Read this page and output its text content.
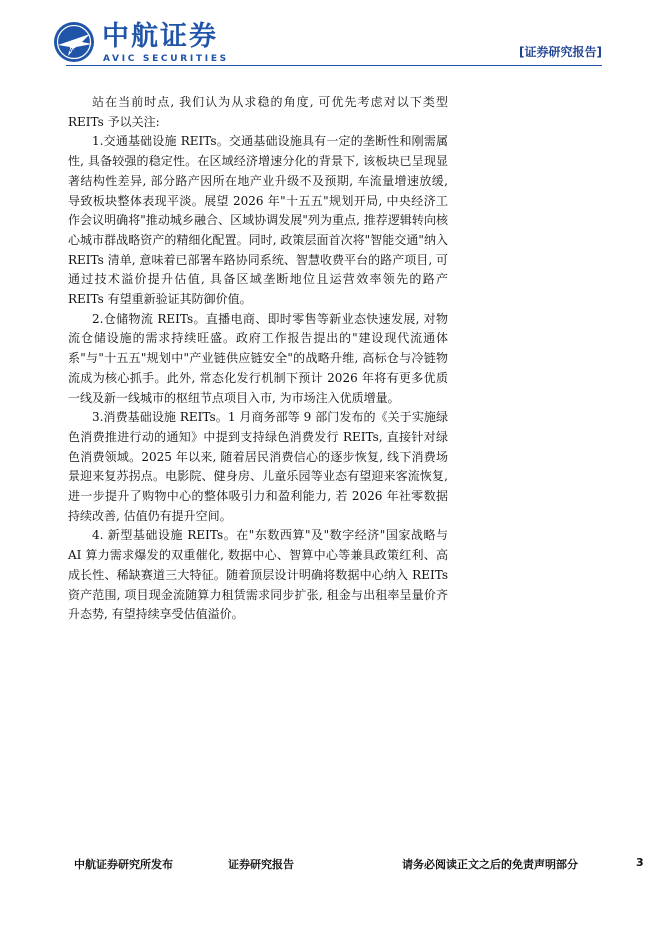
AVIC 中航证券
AVIC SECURITIES	[证券研究报告]

站在当前时点, 我们认为从求稳的角度, 可优先考虑对以下类型 REITs 予以关注:

1.交通基础设施 REITs。交通基础设施具有一定的垄断性和刚需属性, 具备较强的稳定性。在区域经济增速分化的背景下, 该板块已呈现显著结构性差异, 部分路产因所在地产业升级不及预期, 车流量增速放缓, 导致板块整体表现平淡。展望 2026 年"十五五"规划开局, 中央经济工作会议明确将"推动城乡融合、区域协调发展"列为重点, 推荐逻辑转向核心城市群战略资产的精细化配置。同时, 政策层面首次将"智能交通"纳入 REITs 清单, 意味着已部署车路协同系统、智慧收费平台的路产项目, 可通过技术溢价提升估值, 具备区域垄断地位且运营效率领先的路产 REITs 有望重新验证其防御价值。

2.仓储物流 REITs。直播电商、即时零售等新业态快速发展, 对物流仓储设施的需求持续旺盛。政府工作报告提出的"建设现代流通体系"与"十五五"规划中"产业链供应链安全"的战略升维, 高标仓与冷链物流成为核心抓手。此外, 常态化发行机制下预计 2026 年将有更多优质一线及新一线城市的枢纽节点项目入市, 为市场注入优质增量。

3.消费基础设施 REITs。1 月商务部等 9 部门发布的《关于实施绿色消费推进行动的通知》中提到支持绿色消费发行 REITs, 直接针对绿色消费领域。2025 年以来, 随着居民消费信心的逐步恢复, 线下消费场景迎来复苏拐点。电影院、健身房、儿童乐园等业态有望迎来客流恢复, 进一步提升了购物中心的整体吸引力和盈利能力, 若 2026 年社零数据持续改善, 估值仍有提升空间。

4. 新型基础设施 REITs。在"东数西算"及"数字经济"国家战略与 AI 算力需求爆发的双重催化, 数据中心、智算中心等兼具政策红利、高成长性、稀缺赛道三大特征。随着顶层设计明确将数据中心纳入 REITs 资产范围, 项目现金流随算力租赁需求同步扩张, 租金与出租率呈量价齐升态势, 有望持续享受估值溢价。

中航证券研究所发布	证券研究报告	请务必阅读正文之后的免责声明部分	3
